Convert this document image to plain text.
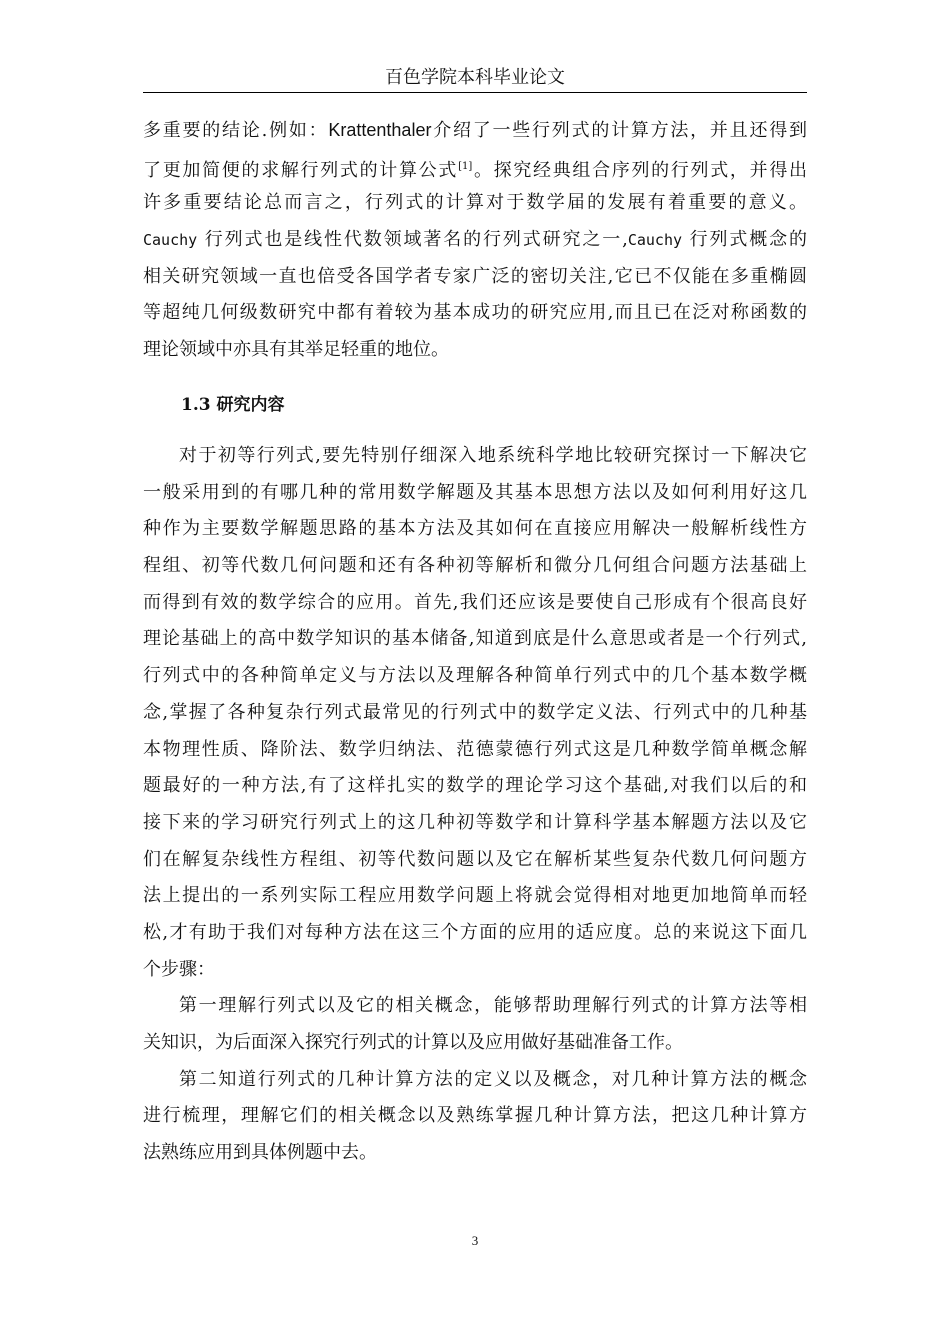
百色学院本科毕业论文
多重要的结论.例如：Krattenthaler介绍了一些行列式的计算方法，并且还得到
了更加简便的求解行列式的计算公式[1]。探究经典组合序列的行列式，并得出
许多重要结论总而言之，行列式的计算对于数学届的发展有着重要的意义。
Cauchy 行列式也是线性代数领域著名的行列式研究之一,Cauchy 行列式概念的
相关研究领域一直也倍受各国学者专家广泛的密切关注,它已不仅能在多重椭圆
等超纯几何级数研究中都有着较为基本成功的研究应用,而且已在泛对称函数的
理论领域中亦具有其举足轻重的地位。
1.3 研究内容
对于初等行列式,要先特别仔细深入地系统科学地比较研究探讨一下解决它
一般采用到的有哪几种的常用数学解题及其基本思想方法以及如何利用好这几
种作为主要数学解题思路的基本方法及其如何在直接应用解决一般解析线性方
程组、初等代数几何问题和还有各种初等解析和微分几何组合问题方法基础上
而得到有效的数学综合的应用。首先,我们还应该是要使自己形成有个很高良好
理论基础上的高中数学知识的基本储备,知道到底是什么意思或者是一个行列式,
行列式中的各种简单定义与方法以及理解各种简单行列式中的几个基本数学概
念,掌握了各种复杂行列式最常见的行列式中的数学定义法、行列式中的几种基
本物理性质、降阶法、数学归纳法、范德蒙德行列式这是几种数学简单概念解
题最好的一种方法,有了这样扎实的数学的理论学习这个基础,对我们以后的和
接下来的学习研究行列式上的这几种初等数学和计算科学基本解题方法以及它
们在解复杂线性方程组、初等代数问题以及它在解析某些复杂代数几何问题方
法上提出的一系列实际工程应用数学问题上将就会觉得相对地更加地简单而轻
松,才有助于我们对每种方法在这三个方面的应用的适应度。总的来说这下面几
个步骤：
第一理解行列式以及它的相关概念，能够帮助理解行列式的计算方法等相
关知识，为后面深入探究行列式的计算以及应用做好基础准备工作。
第二知道行列式的几种计算方法的定义以及概念，对几种计算方法的概念
进行梳理，理解它们的相关概念以及熟练掌握几种计算方法，把这几种计算方
法熟练应用到具体例题中去。
3
